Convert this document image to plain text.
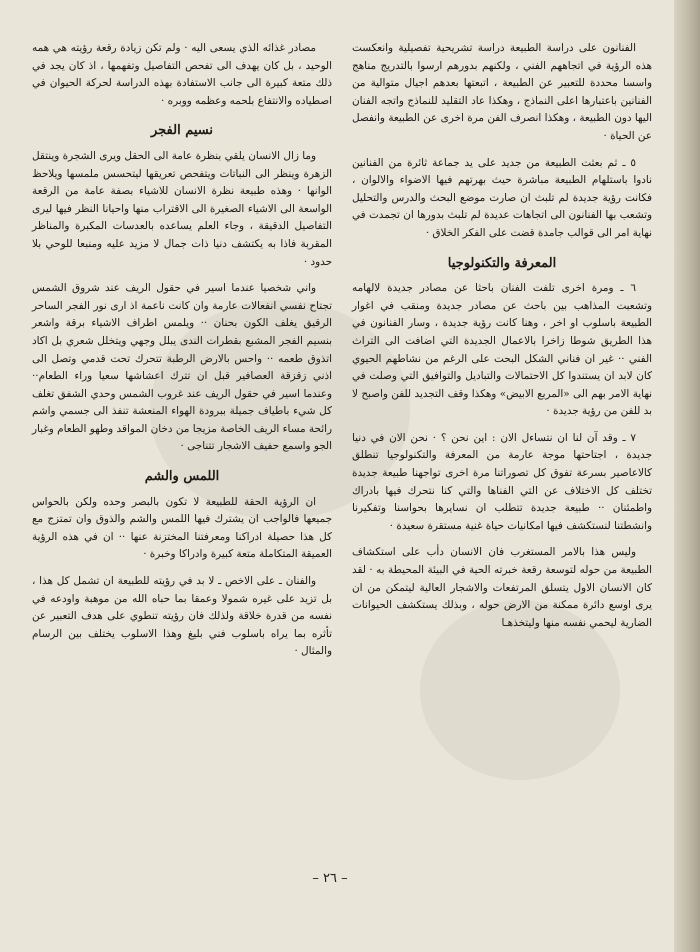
الفنانون على دراسة الطبيعة دراسة تشريحية تفصيلية وانعكست هذه الرؤية في اتجاههم الفني ، ولكنهم بدورهم ارسوا بالتدريج مناهج واسسا محددة للتعبير عن الطبيعة ، اتبعتها بعدهم اجيال متوالية من الفنانين باعتبارها اعلى النماذج ، وهكذا عاد التقليد للنماذج واتجه الفنان اليها دون الطبيعة ، وهكذا انصرف الفن مرة اخرى عن الطبيعة وانفصل عن الحياة ·

٥ ـ ثم بعثت الطبيعة من جديد على يد جماعة ثائرة من الفنانين نادوا باستلهام الطبيعة مباشرة حيث بهرتهم فيها الاضواء والالوان ، فكانت رؤية جديدة لم تلبث ان صارت موضع البحث والدرس والتحليل وتشعب بها الفنانون الى اتجاهات عديدة لم تلبث بدورها ان تجمدت في نهاية امر الى قوالب جامدة قضت على الفكر الخلاق ·

المعرفة والتكنولوجيا

٦ ـ ومرة اخرى تلفت الفنان باحثا عن مصادر جديدة لالهامه وتشعبت المذاهب بين باحث عن مصادر جديدة ومنقب في اغوار الطبيعة باسلوب او اخر ، وهنا كانت رؤية جديدة ، وسار الفنانون في هذا الطريق شوطا زاخرا بالاعمال الجديدة التي اضافت الى التراث الفني ·· غير ان فناني الشكل البحت على الرغم من نشاطهم الحيوي كان لابد ان يستندوا كل الاحتمالات والتباديل والتوافيق التي وصلت في نهاية الامر بهم الى «المربع الابيض» وهكذا وقف التجديد للفن واصبح لا بد للفن من رؤية جديدة ·

٧ ـ وقد آن لنا ان نتساءل الان : اين نحن ؟ · نحن الان في دنيا جديدة ، اجتاحتها موجة عارمة من المعرفة والتكنولوجيا تنطلق كالاعاصير بسرعة تفوق كل تصوراتنا مرة اخرى تواجهنا طبيعة جديدة تختلف كل الاختلاف عن التي الفناها والتي كنا نتحرك فيها بادراك واطمئنان ·· طبيعة جديدة تتطلب ان نسايرها بحواسنا وتفكيرنا وانشطتنا لنستكشف فيها امكانيات حياة غنية مستقرة سعيدة ·

وليس هذا بالامر المستغرب فان الانسان دأب على استكشاف الطبيعة من حوله لتوسعة رقعة خبرته الحية في البيئة المحيطة به · لقد كان الانسان الاول يتسلق المرتفعات والاشجار العالية ليتمكن من ان يرى اوسع دائرة ممكنة من الارض حوله ، وبذلك يستكشف الحيوانات الضارية ليحمي نفسه منها وليتخذهـا

مصادر غذائه الذي يسعى اليه · ولم تكن زيادة رقعة رؤيته هي همه الوحيد ، بل كان يهدف الى تفحص التفاصيل وتفهمها ، اذ كان يجد في ذلك متعة كبيرة الى جانب الاستفادة بهذه الدراسة لحركة الحيوان في اصطياده والانتفاع بلحمه وعظمه ووبره ·

نسيم الفجر

وما زال الانسان يلقي بنظرة عامة الى الحقل ويرى الشجرة وينتقل الزهرة وينظر الى النباتات ويتفحص تعريقها ليتحسس ملمسها ويلاحظ الوانها · وهذه طبيعة نظرة الانسان للاشياء بصفة عامة من الرقعة الواسعة الى الاشياء الصغيرة الى الاقتراب منها واحيانا النظر فيها ليرى التفاصيل الدقيقة ، وجاء العلم يساعده بالعدسات المكبرة والمناظر المقربة فاذا به يكتشف دنيا ذات جمال لا مزيد عليه ومنبعا للوحي بلا حدود ·

واني شخصيا عندما اسير في حقول الريف عند شروق الشمس تجتاح نفسي انفعالات عارمة وان كانت ناعمة اذ ارى نور الفجر الساحر الرقيق يغلف الكون بحنان ·· ويلمس اطراف الاشياء برقة واشعر بنسيم الفجر المشبع بقطرات الندى يبلل وجهي ويتخلل شعري بل اكاد اتذوق طعمه ·· واحس بالارض الرطبة تتحرك تحت قدمي وتصل الى اذني زقزقة العصافير قبل ان تترك اعشاشها سعيا وراء الطعام·· وعندما اسير في حقول الريف عند غروب الشمس وحدي الشفق تغلف كل شيء باطياف جميلة ببرودة الهواء المنعشة تنفذ الى جسمي واشم رائحة مساء الريف الخاصة مزيجا من دخان المواقد وطهو الطعام وغبار الجو واسمع حفيف الاشجار تتناجى ·

اللمس والشم

ان الرؤية الحقة للطبيعة لا تكون بالبصر وحده ولكن بالحواس جميعها فالواجب ان يشترك فيها اللمس والشم والذوق وان تمتزج مع كل هذا حصيلة ادراكنا ومعرفتنا المختزنة عنها ·· ان في هذه الرؤية العميقة المتكاملة متعة كبيرة وادراكا وخبرة ·

والفنان ـ على الاخص ـ لا بد في رؤيته للطبيعة ان تشمل كل هذا ، بل تزيد على غيره شمولا وعمقا بما حباه الله من موهبة واودعه في نفسه من قدرة خلاقة ولذلك فان رؤيته تنطوي على هدف التعبير عن تأثره بما يراه باسلوب فني بليغ وهذا الاسلوب يختلف بين الرسام والمثال ·

– ٢٦ –
